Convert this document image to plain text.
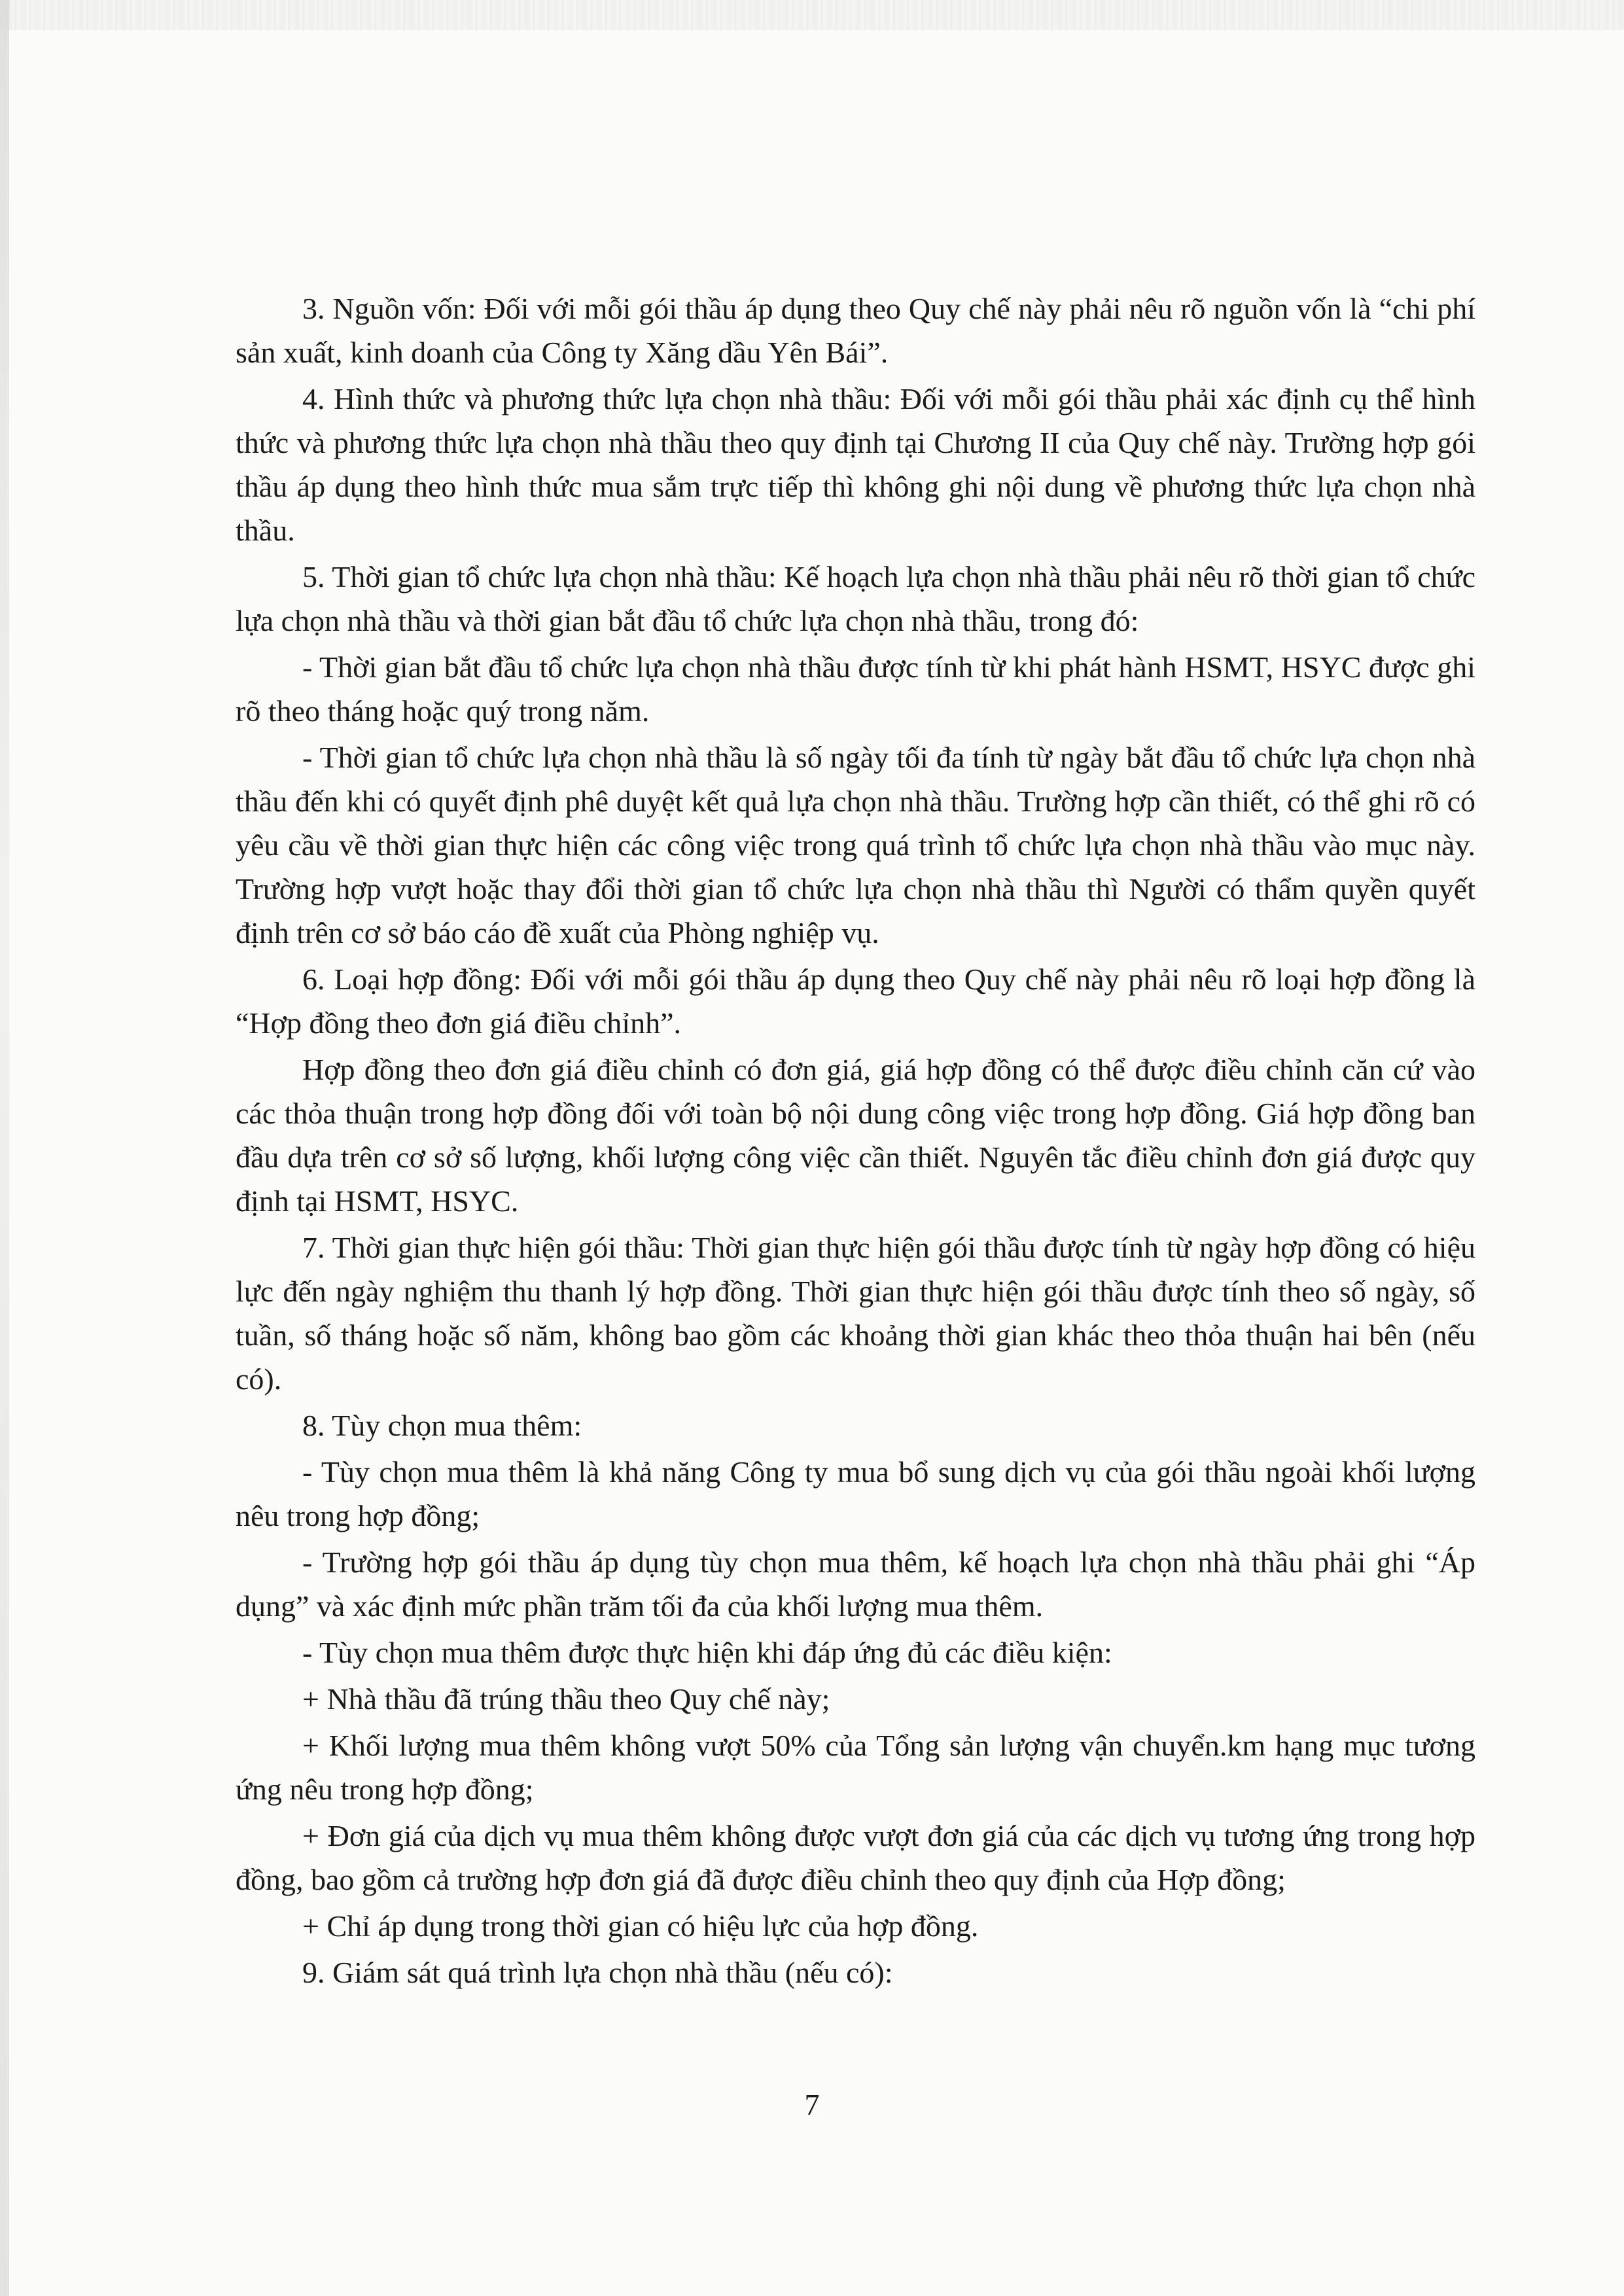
3. Nguồn vốn: Đối với mỗi gói thầu áp dụng theo Quy chế này phải nêu rõ nguồn vốn là “chi phí sản xuất, kinh doanh của Công ty Xăng dầu Yên Bái”.

4. Hình thức và phương thức lựa chọn nhà thầu: Đối với mỗi gói thầu phải xác định cụ thể hình thức và phương thức lựa chọn nhà thầu theo quy định tại Chương II của Quy chế này. Trường hợp gói thầu áp dụng theo hình thức mua sắm trực tiếp thì không ghi nội dung về phương thức lựa chọn nhà thầu.

5. Thời gian tổ chức lựa chọn nhà thầu: Kế hoạch lựa chọn nhà thầu phải nêu rõ thời gian tổ chức lựa chọn nhà thầu và thời gian bắt đầu tổ chức lựa chọn nhà thầu, trong đó:

- Thời gian bắt đầu tổ chức lựa chọn nhà thầu được tính từ khi phát hành HSMT, HSYC được ghi rõ theo tháng hoặc quý trong năm.

- Thời gian tổ chức lựa chọn nhà thầu là số ngày tối đa tính từ ngày bắt đầu tổ chức lựa chọn nhà thầu đến khi có quyết định phê duyệt kết quả lựa chọn nhà thầu. Trường hợp cần thiết, có thể ghi rõ có yêu cầu về thời gian thực hiện các công việc trong quá trình tổ chức lựa chọn nhà thầu vào mục này. Trường hợp vượt hoặc thay đổi thời gian tổ chức lựa chọn nhà thầu thì Người có thẩm quyền quyết định trên cơ sở báo cáo đề xuất của Phòng nghiệp vụ.

6. Loại hợp đồng: Đối với mỗi gói thầu áp dụng theo Quy chế này phải nêu rõ loại hợp đồng là “Hợp đồng theo đơn giá điều chỉnh”.

Hợp đồng theo đơn giá điều chỉnh có đơn giá, giá hợp đồng có thể được điều chỉnh căn cứ vào các thỏa thuận trong hợp đồng đối với toàn bộ nội dung công việc trong hợp đồng. Giá hợp đồng ban đầu dựa trên cơ sở số lượng, khối lượng công việc cần thiết. Nguyên tắc điều chỉnh đơn giá được quy định tại HSMT, HSYC.

7. Thời gian thực hiện gói thầu: Thời gian thực hiện gói thầu được tính từ ngày hợp đồng có hiệu lực đến ngày nghiệm thu thanh lý hợp đồng. Thời gian thực hiện gói thầu được tính theo số ngày, số tuần, số tháng hoặc số năm, không bao gồm các khoảng thời gian khác theo thỏa thuận hai bên (nếu có).

8. Tùy chọn mua thêm:

- Tùy chọn mua thêm là khả năng Công ty mua bổ sung dịch vụ của gói thầu ngoài khối lượng nêu trong hợp đồng;

- Trường hợp gói thầu áp dụng tùy chọn mua thêm, kế hoạch lựa chọn nhà thầu phải ghi “Áp dụng” và xác định mức phần trăm tối đa của khối lượng mua thêm.

- Tùy chọn mua thêm được thực hiện khi đáp ứng đủ các điều kiện:

+ Nhà thầu đã trúng thầu theo Quy chế này;

+ Khối lượng mua thêm không vượt 50% của Tổng sản lượng vận chuyển.km hạng mục tương ứng nêu trong hợp đồng;

+ Đơn giá của dịch vụ mua thêm không được vượt đơn giá của các dịch vụ tương ứng trong hợp đồng, bao gồm cả trường hợp đơn giá đã được điều chỉnh theo quy định của Hợp đồng;

+ Chỉ áp dụng trong thời gian có hiệu lực của hợp đồng.

9. Giám sát quá trình lựa chọn nhà thầu (nếu có):

7
